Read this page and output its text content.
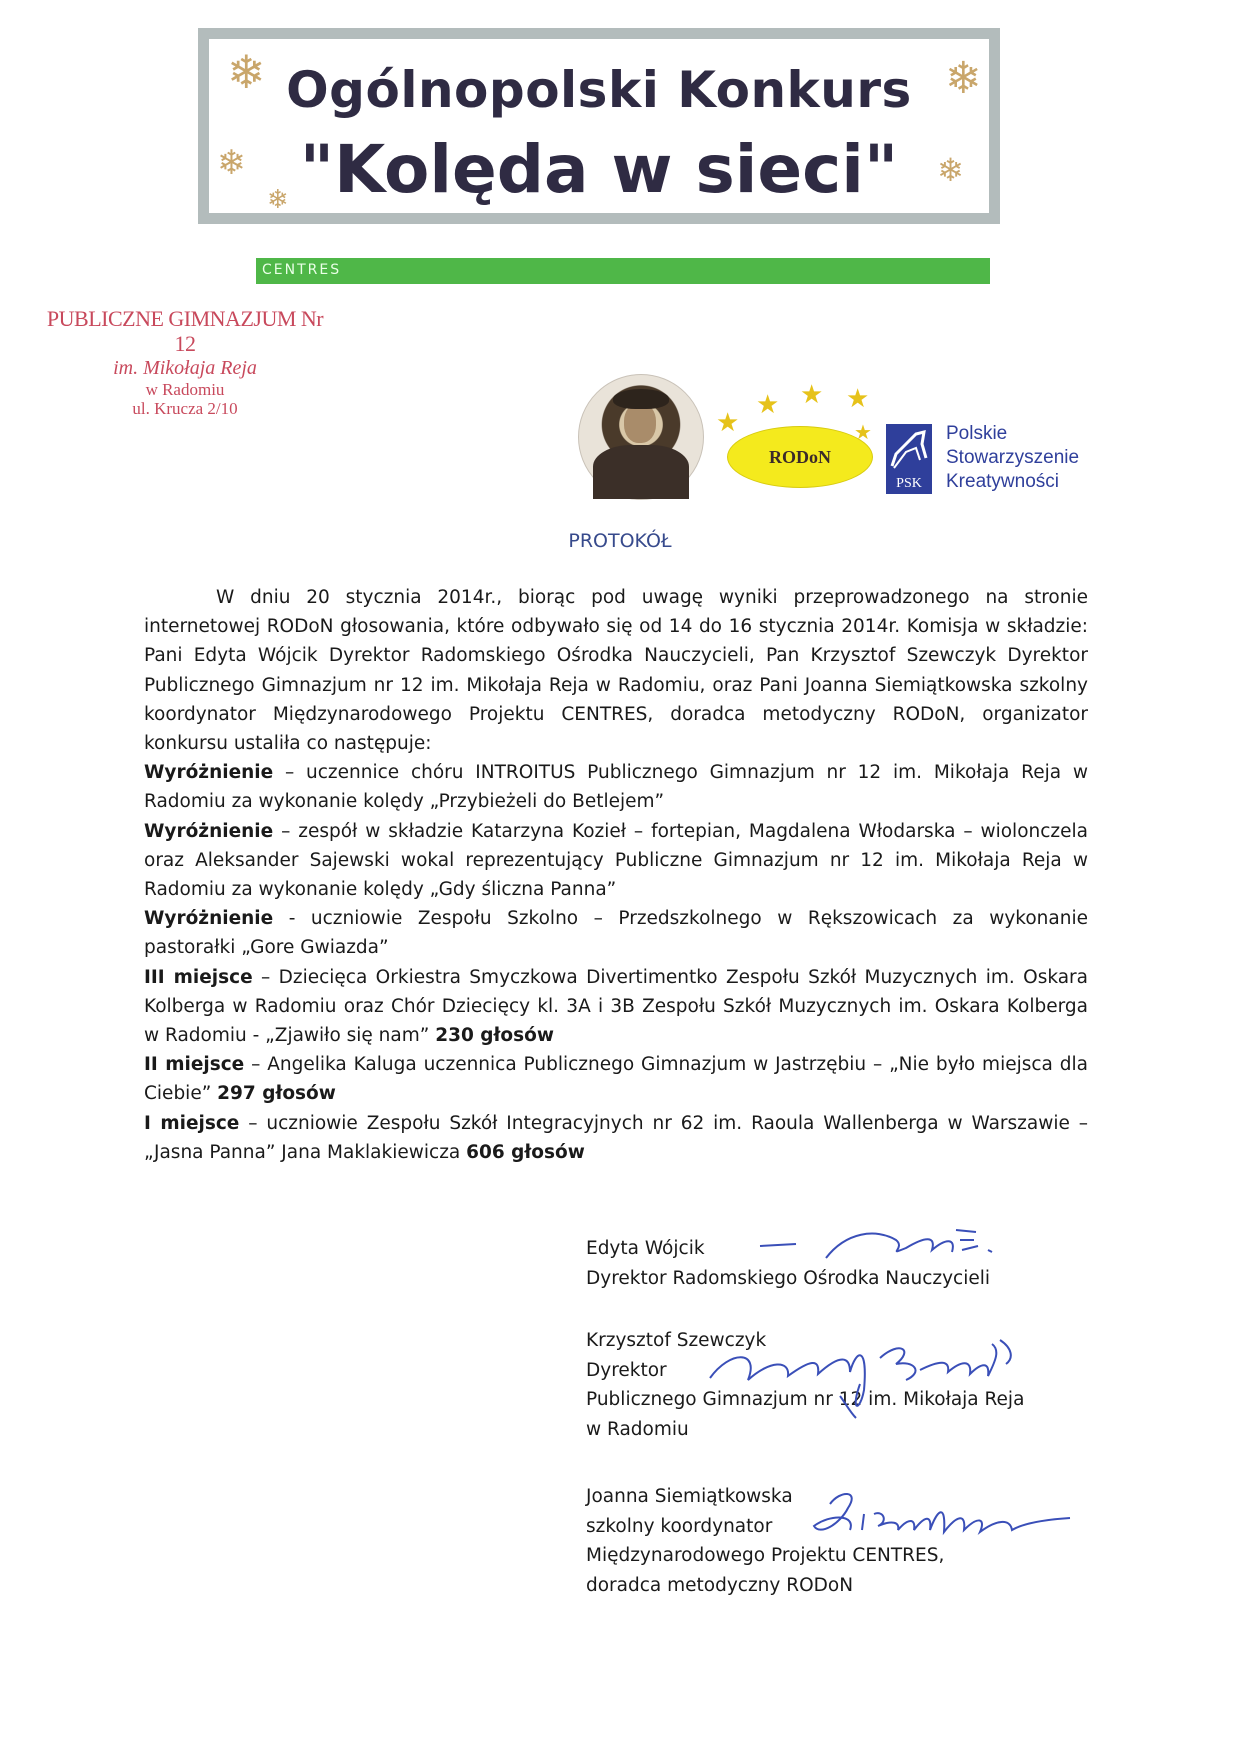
Ogólnopolski Konkurs
"Kolęda w sieci"
❄
❄
❄
❄
❄
CENTRES
PUBLICZNE GIMNAZJUM Nr 12
im. Mikołaja Reja
w Radomiu
ul. Krucza 2/10	★
★ ★ ★
★
RODoN
PSK
Polskie
Stowarzyszenie
Kreatywności
PROTOKÓŁ

W dniu 20 stycznia 2014r., biorąc pod uwagę wyniki przeprowadzonego na stronie internetowej RODoN głosowania, które odbywało się od 14 do 16 stycznia 2014r. Komisja w składzie: Pani Edyta Wójcik Dyrektor Radomskiego Ośrodka Nauczycieli, Pan Krzysztof Szewczyk Dyrektor Publicznego Gimnazjum nr 12 im. Mikołaja Reja w Radomiu, oraz Pani Joanna Siemiątkowska szkolny koordynator Międzynarodowego Projektu CENTRES, doradca metodyczny RODoN, organizator konkursu ustaliła co następuje:

Wyróżnienie – uczennice chóru INTROITUS Publicznego Gimnazjum nr 12 im. Mikołaja Reja w Radomiu za wykonanie kolędy „Przybieżeli do Betlejem”

Wyróżnienie – zespół w składzie Katarzyna Kozieł – fortepian, Magdalena Włodarska – wiolonczela oraz Aleksander Sajewski wokal reprezentujący Publiczne Gimnazjum nr 12 im. Mikołaja Reja w Radomiu za wykonanie kolędy „Gdy śliczna Panna”

Wyróżnienie - uczniowie Zespołu Szkolno – Przedszkolnego w Rększowicach za wykonanie pastorałki „Gore Gwiazda”

III miejsce – Dziecięca Orkiestra Smyczkowa Divertimentko Zespołu Szkół Muzycznych im. Oskara Kolberga w Radomiu oraz Chór Dziecięcy kl. 3A i 3B Zespołu Szkół Muzycznych im. Oskara Kolberga w Radomiu - „Zjawiło się nam” 230 głosów

II miejsce – Angelika Kaluga uczennica Publicznego Gimnazjum w Jastrzębiu – „Nie było miejsca dla Ciebie” 297 głosów

I miejsce – uczniowie Zespołu Szkół Integracyjnych nr 62 im. Raoula Wallenberga w Warszawie – „Jasna Panna” Jana Maklakiewicza 606 głosów

Edyta Wójcik
Dyrektor Radomskiego Ośrodka Nauczycieli
Krzysztof Szewczyk
Dyrektor
Publicznego Gimnazjum nr 12 im. Mikołaja Reja
w Radomiu
Joanna Siemiątkowska
szkolny koordynator
Międzynarodowego Projektu CENTRES,
doradca metodyczny RODoN
